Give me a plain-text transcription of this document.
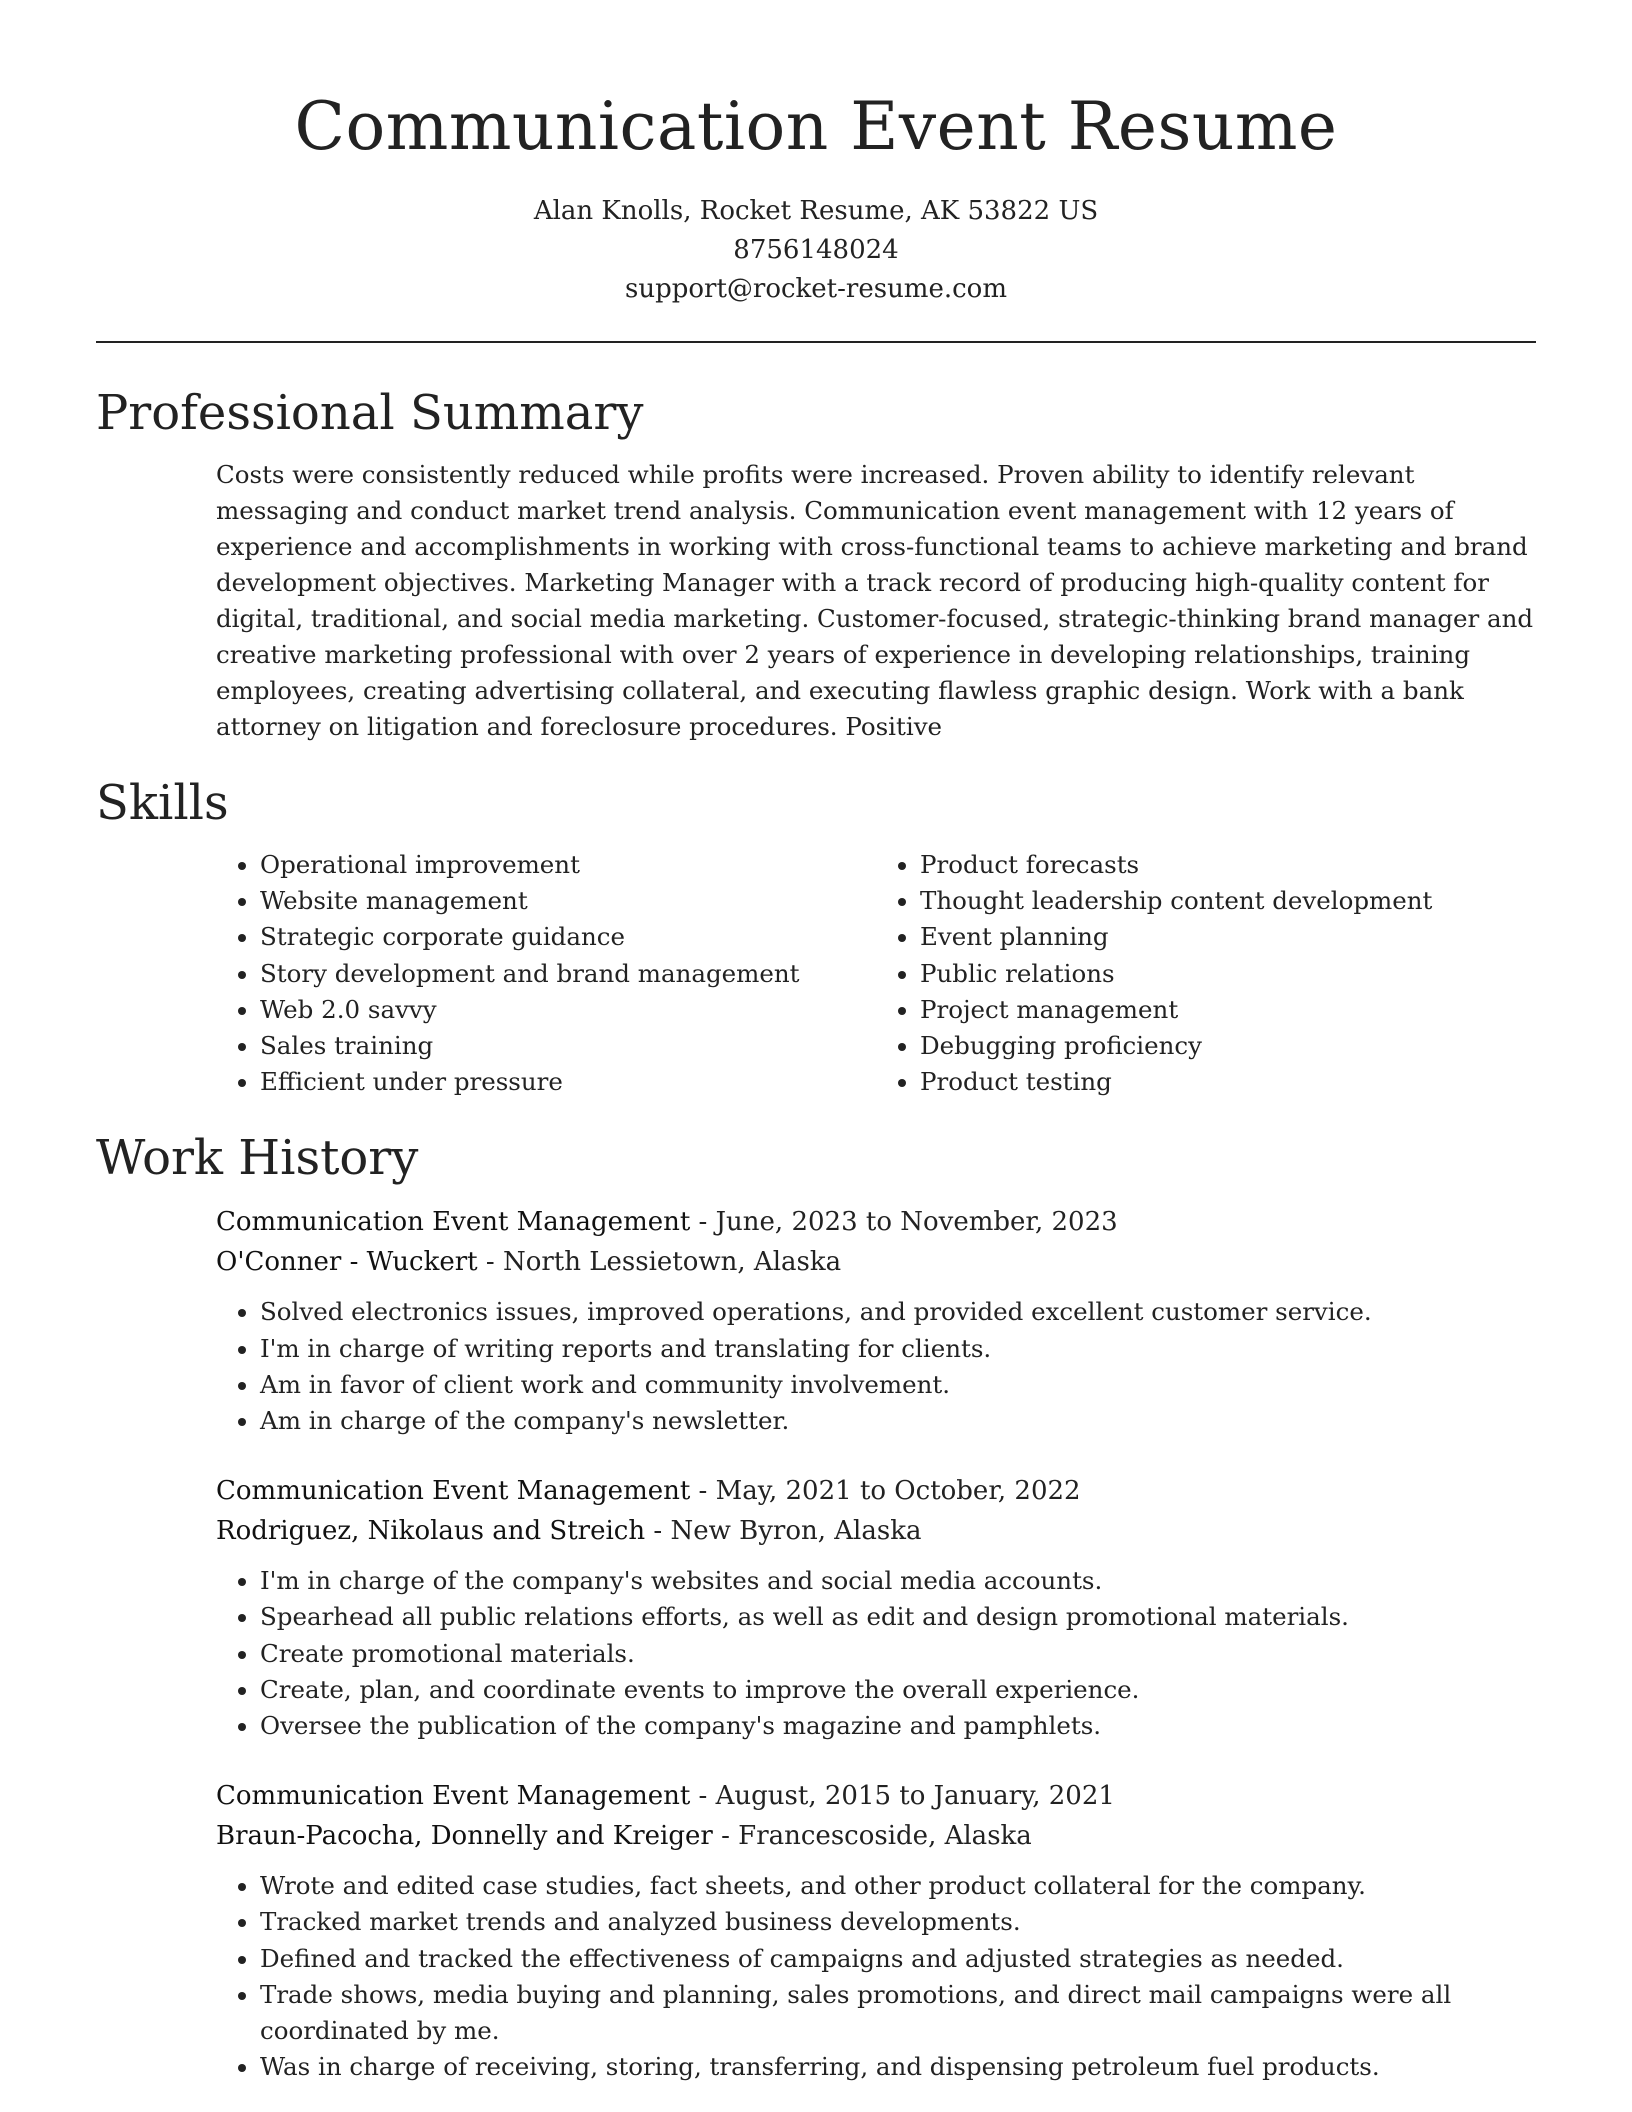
Communication Event Resume
Alan Knolls, Rocket Resume, AK 53822 US
8756148024
support@rocket-resume.com
Professional Summary
Costs were consistently reduced while profits were increased. Proven ability to identify relevant messaging and conduct market trend analysis. Communication event management with 12 years of experience and accomplishments in working with cross-functional teams to achieve marketing and brand development objectives. Marketing Manager with a track record of producing high-quality content for digital, traditional, and social media marketing. Customer-focused, strategic-thinking brand manager and creative marketing professional with over 2 years of experience in developing relationships, training employees, creating advertising collateral, and executing flawless graphic design. Work with a bank attorney on litigation and foreclosure procedures. Positive
Skills
• Operational improvement
• Website management
• Strategic corporate guidance
• Story development and brand management
• Web 2.0 savvy
• Sales training
• Efficient under pressure
• Product forecasts
• Thought leadership content development
• Event planning
• Public relations
• Project management
• Debugging proficiency
• Product testing
Work History
Communication Event Management - June, 2023 to November, 2023
O'Conner - Wuckert - North Lessietown, Alaska
• Solved electronics issues, improved operations, and provided excellent customer service.
• I'm in charge of writing reports and translating for clients.
• Am in favor of client work and community involvement.
• Am in charge of the company's newsletter.
Communication Event Management - May, 2021 to October, 2022
Rodriguez, Nikolaus and Streich - New Byron, Alaska
• I'm in charge of the company's websites and social media accounts.
• Spearhead all public relations efforts, as well as edit and design promotional materials.
• Create promotional materials.
• Create, plan, and coordinate events to improve the overall experience.
• Oversee the publication of the company's magazine and pamphlets.
Communication Event Management - August, 2015 to January, 2021
Braun-Pacocha, Donnelly and Kreiger - Francescoside, Alaska
• Wrote and edited case studies, fact sheets, and other product collateral for the company.
• Tracked market trends and analyzed business developments.
• Defined and tracked the effectiveness of campaigns and adjusted strategies as needed.
• Trade shows, media buying and planning, sales promotions, and direct mail campaigns were all coordinated by me.
• Was in charge of receiving, storing, transferring, and dispensing petroleum fuel products.
